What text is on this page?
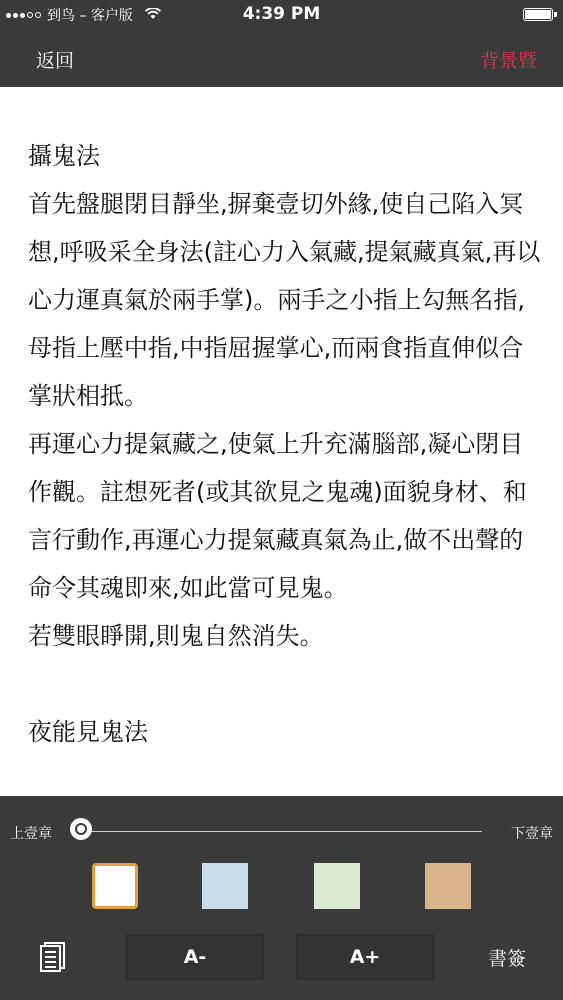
到鸟 – 客户版	4:39 PM
返回	背景暨

攝鬼法

首先盤腿閉目靜坐,摒棄壹切外緣,使自己陷入冥想,呼吸采全身法(註心力入氣藏,提氣藏真氣,再以心力運真氣於兩手掌)。兩手之小指上勾無名指,母指上壓中指,中指屈握掌心,而兩食指直伸似合掌狀相抵。

再運心力提氣藏之,使氣上升充滿腦部,凝心閉目作觀。註想死者(或其欲見之鬼魂)面貌身材、和言行動作,再運心力提氣藏真氣為止,做不出聲的命令其魂即來,如此當可見鬼。

若雙眼睜開,則鬼自然消失。

夜能見鬼法

上壹章	下壹章
A-	A+	書簽
